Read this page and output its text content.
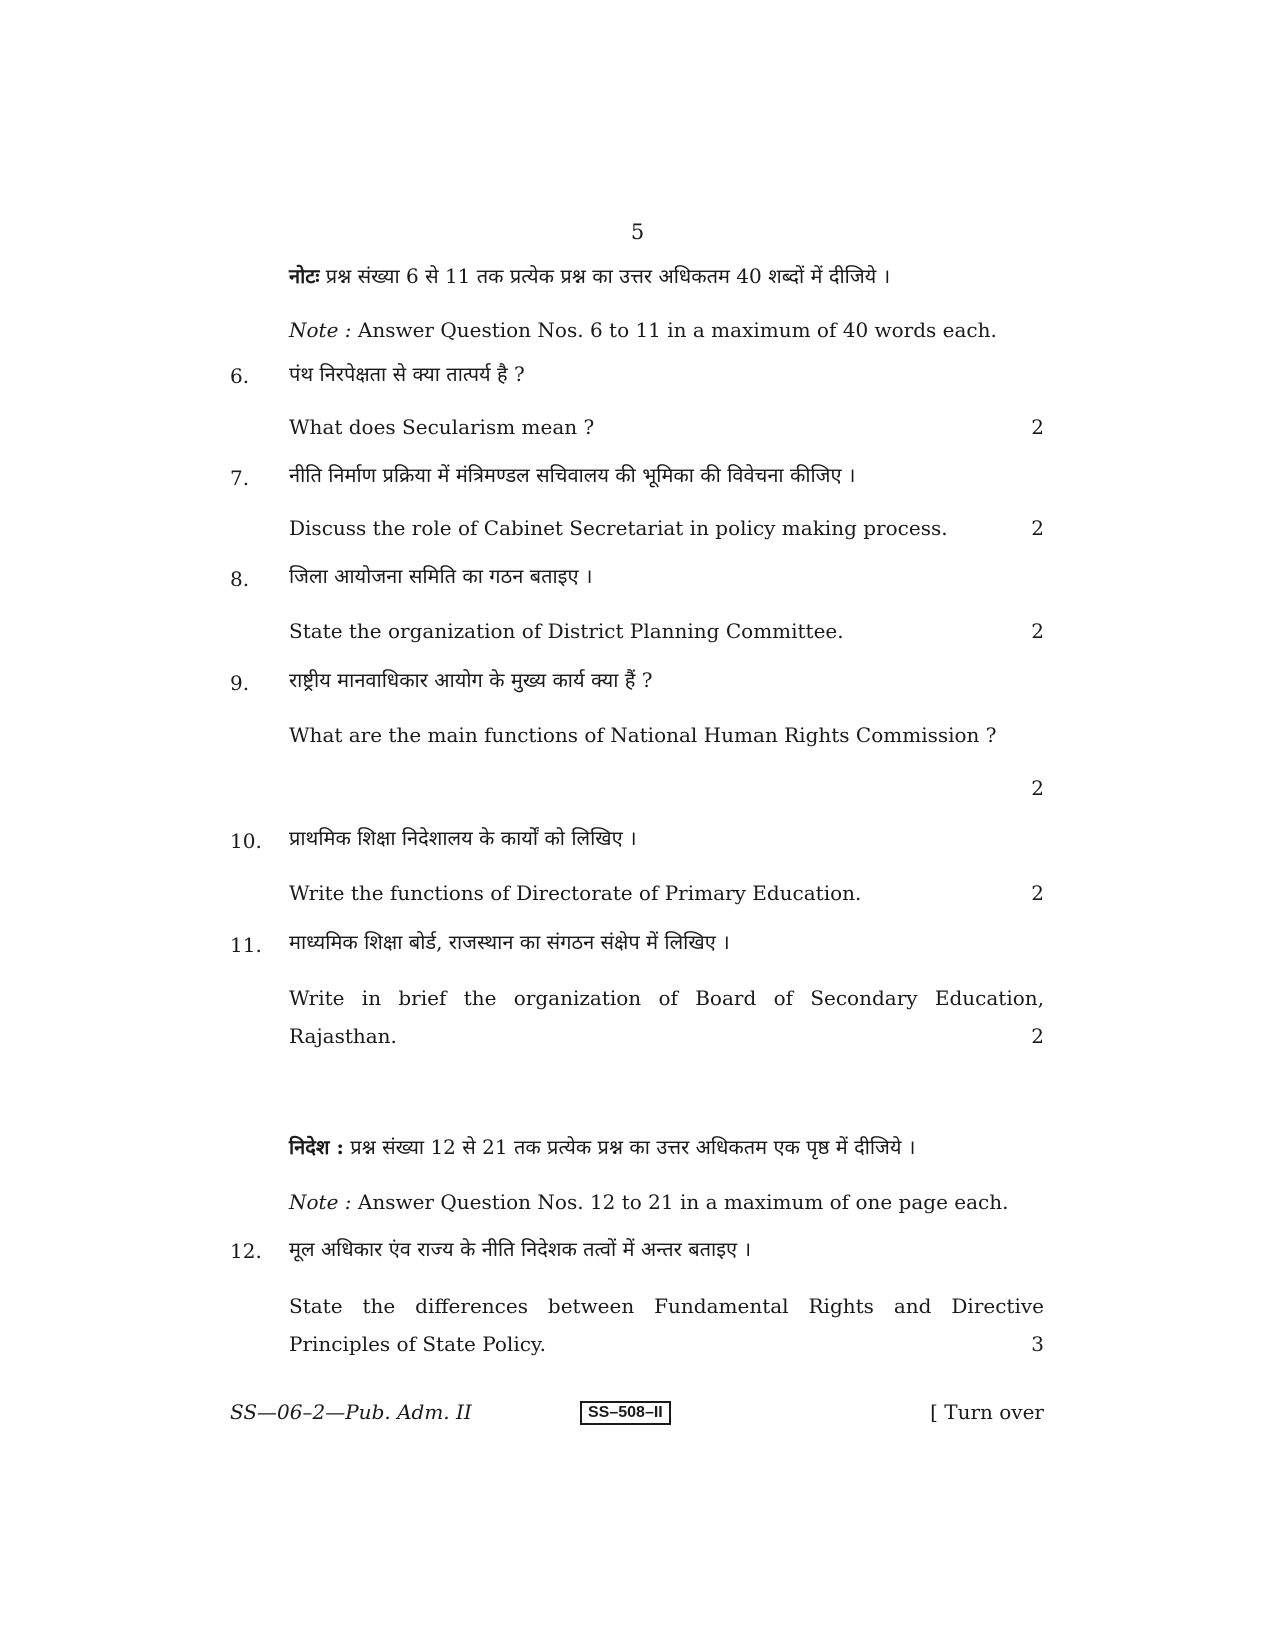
5
नोटः प्रश्न संख्या 6 से 11 तक प्रत्येक प्रश्न का उत्तर अधिकतम 40 शब्दों में दीजिये ।
Note : Answer Question Nos. 6 to 11 in a maximum of 40 words each.
6. पंथ निरपेक्षता से क्या तात्पर्य है ?
What does Secularism mean ?	2
7. नीति निर्माण प्रक्रिया में मंत्रिमण्डल सचिवालय की भूमिका की विवेचना कीजिए ।
Discuss the role of Cabinet Secretariat in policy making process.	2
8. जिला आयोजना समिति का गठन बताइए ।
State the organization of District Planning Committee.	2
9. राष्ट्रीय मानवाधिकार आयोग के मुख्य कार्य क्या हैं ?
What are the main functions of National Human Rights Commission ?
2
10. प्राथमिक शिक्षा निदेशालय के कार्यों को लिखिए ।
Write the functions of Directorate of Primary Education.	2
11. माध्यमिक शिक्षा बोर्ड, राजस्थान का संगठन संक्षेप में लिखिए ।
Write in brief the organization of Board of Secondary Education,
Rajasthan.	2
निदेश : प्रश्न संख्या 12 से 21 तक प्रत्येक प्रश्न का उत्तर अधिकतम एक पृष्ठ में दीजिये ।
Note : Answer Question Nos. 12 to 21 in a maximum of one page each.
12. मूल अधिकार एंव राज्य के नीति निदेशक तत्वों में अन्तर बताइए ।
State the differences between Fundamental Rights and Directive
Principles of State Policy.	3
SS—06–2—Pub. Adm. II	SS–508–II	[ Turn over
